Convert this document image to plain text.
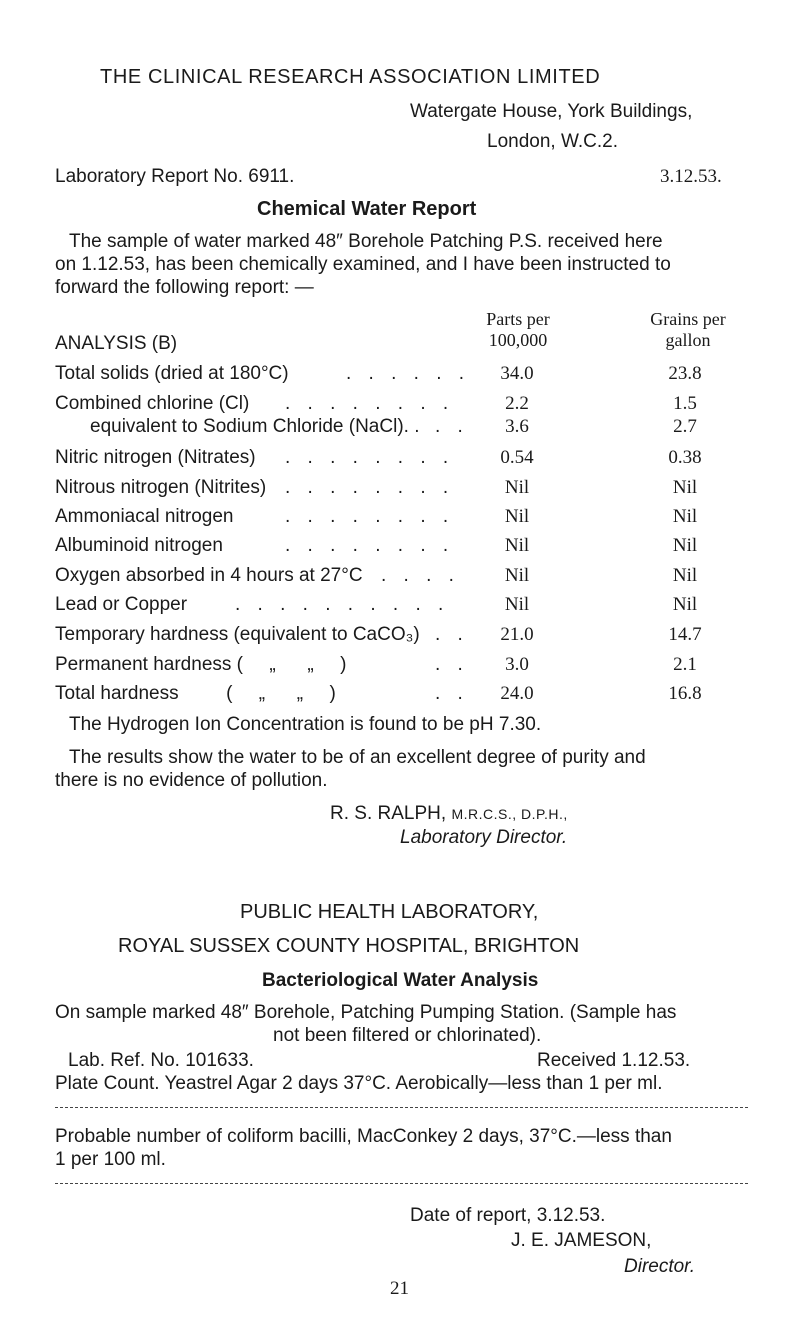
THE CLINICAL RESEARCH ASSOCIATION LIMITED
Watergate House, York Buildings,
London, W.C.2.
Laboratory Report No. 6911.	3.12.53.
Chemical Water Report
The sample of water marked 48″ Borehole Patching P.S. received here
on 1.12.53, has been chemically examined, and I have been instructed to
forward the following report: —
Parts per
100,000
Grains per
gallon
ANALYSIS (B)
Total solids (dried at 180°C)	. . . . . .	34.0	23.8
Combined chlorine (Cl) . . . . . . . .	2.2	1.5
equivalent to Sodium Chloride (NaCl). . . .	3.6	2.7
Nitric nitrogen (Nitrates) . . . . . . . .	0.54	0.38
Nitrous nitrogen (Nitrites) . . . . . . . .	Nil	Nil
Ammoniacal nitrogen	. . . . . . . .	Nil	Nil
Albuminoid nitrogen	. . . . . . . .	Nil	Nil
Oxygen absorbed in 4 hours at 27°C . . . .	Nil	Nil
Lead or Copper	. . . . . . . . . .	Nil	Nil
Temporary hardness (equivalent to CaCO₃) . .	21.0	14.7
Permanent hardness (     „      „     )	. .	3.0	2.1
Total hardness         (     „      „     )	. .	24.0	16.8
The Hydrogen Ion Concentration is found to be pH 7.30.
The results show the water to be of an excellent degree of purity and
there is no evidence of pollution.
R. S. RALPH, M.R.C.S., D.P.H.,
Laboratory Director.
PUBLIC HEALTH LABORATORY,
ROYAL SUSSEX COUNTY HOSPITAL, BRIGHTON
Bacteriological Water Analysis
On sample marked 48″ Borehole, Patching Pumping Station. (Sample has
not been filtered or chlorinated).
Lab. Ref. No. 101633.	Received 1.12.53.
Plate Count. Yeastrel Agar 2 days 37°C. Aerobically—less than 1 per ml.
Probable number of coliform bacilli, MacConkey 2 days, 37°C.—less than
1 per 100 ml.
Date of report, 3.12.53.
J. E. JAMESON,
Director.
21
